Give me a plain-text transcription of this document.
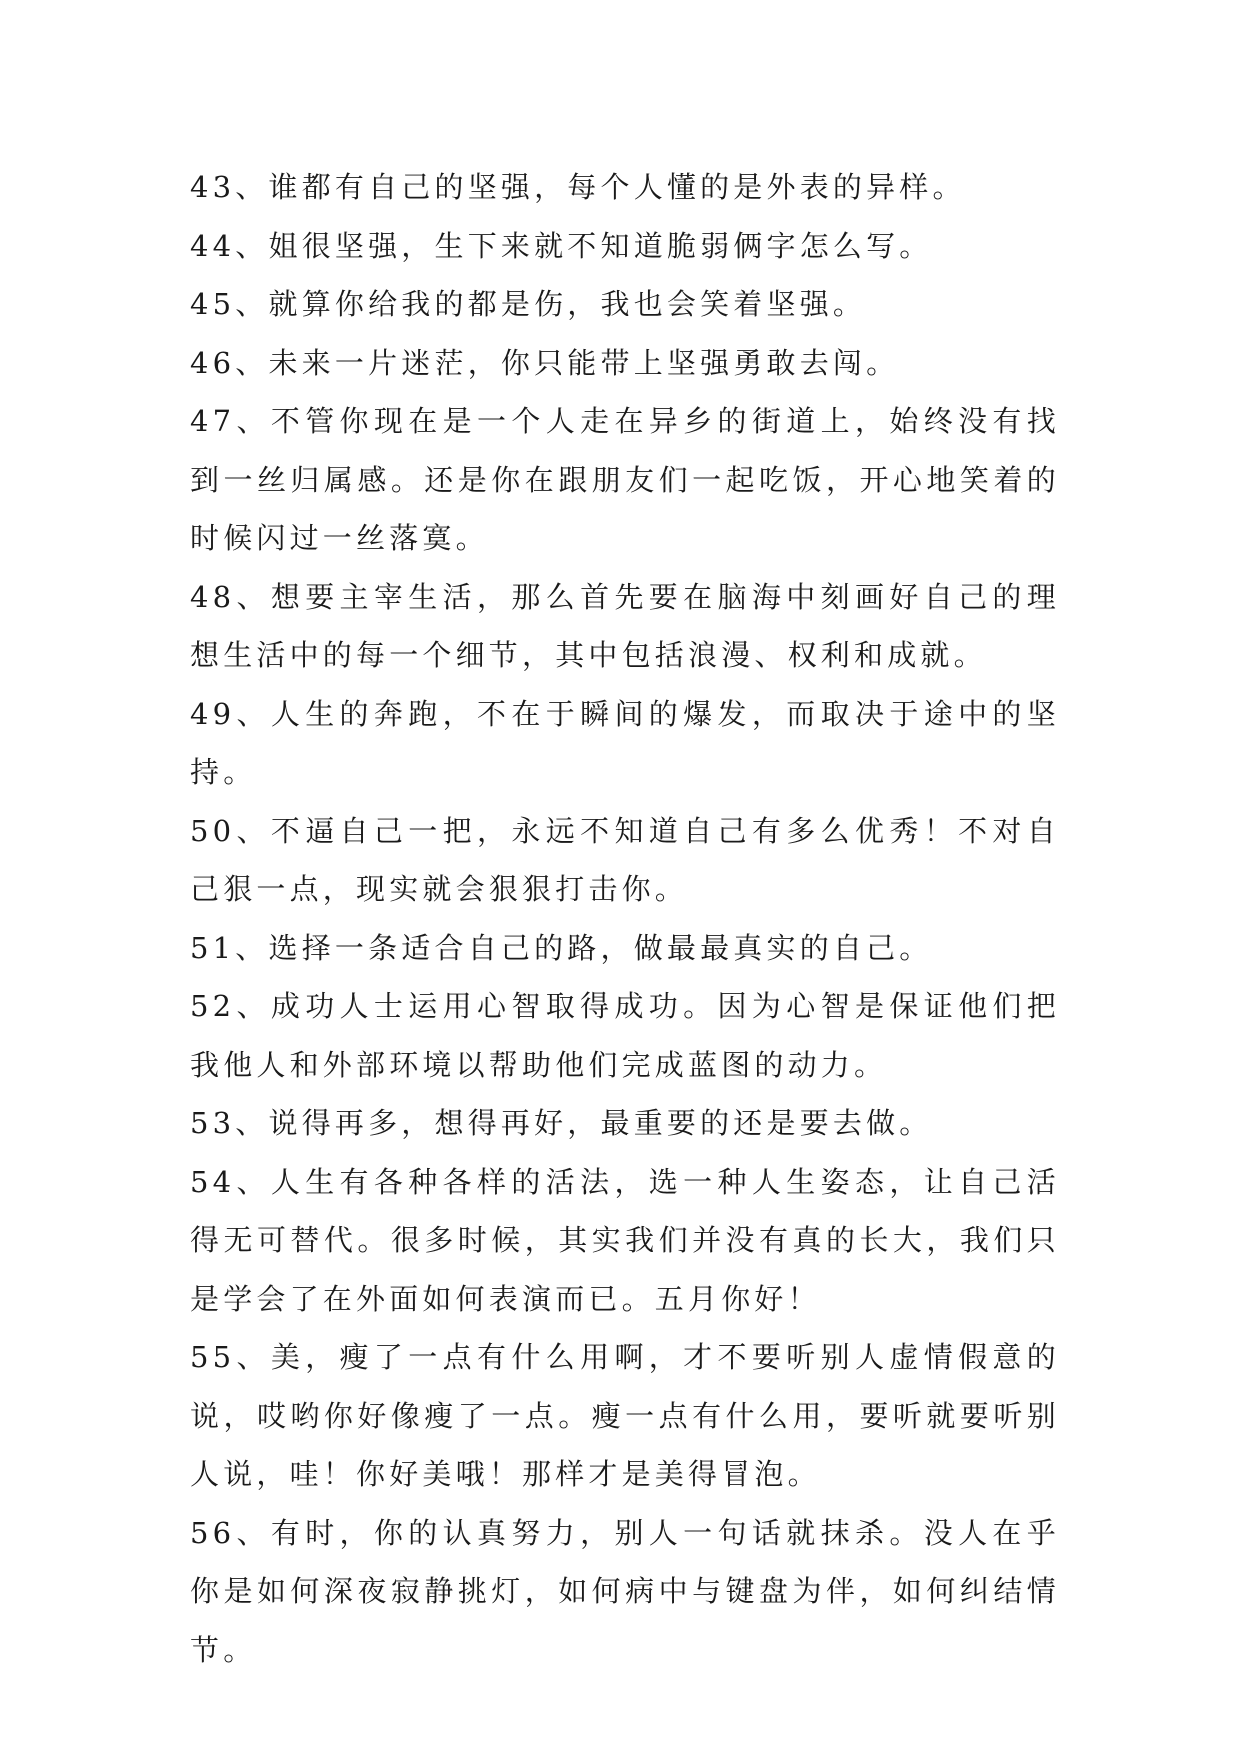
43、谁都有自己的坚强，每个人懂的是外表的异样。

44、姐很坚强，生下来就不知道脆弱俩字怎么写。

45、就算你给我的都是伤，我也会笑着坚强。

46、未来一片迷茫，你只能带上坚强勇敢去闯。

47、不管你现在是一个人走在异乡的街道上，始终没有找到一丝归属感。还是你在跟朋友们一起吃饭，开心地笑着的时候闪过一丝落寞。

48、想要主宰生活，那么首先要在脑海中刻画好自己的理想生活中的每一个细节，其中包括浪漫、权利和成就。

49、人生的奔跑，不在于瞬间的爆发，而取决于途中的坚持。

50、不逼自己一把，永远不知道自己有多么优秀！不对自己狠一点，现实就会狠狠打击你。

51、选择一条适合自己的路，做最最真实的自己。

52、成功人士运用心智取得成功。因为心智是保证他们把我他人和外部环境以帮助他们完成蓝图的动力。

53、说得再多，想得再好，最重要的还是要去做。

54、人生有各种各样的活法，选一种人生姿态，让自己活得无可替代。很多时候，其实我们并没有真的长大，我们只是学会了在外面如何表演而已。五月你好！

55、美，瘦了一点有什么用啊，才不要听别人虚情假意的说，哎哟你好像瘦了一点。瘦一点有什么用，要听就要听别人说，哇！你好美哦！那样才是美得冒泡。

56、有时，你的认真努力，别人一句话就抹杀。没人在乎你是如何深夜寂静挑灯，如何病中与键盘为伴，如何纠结情节。
